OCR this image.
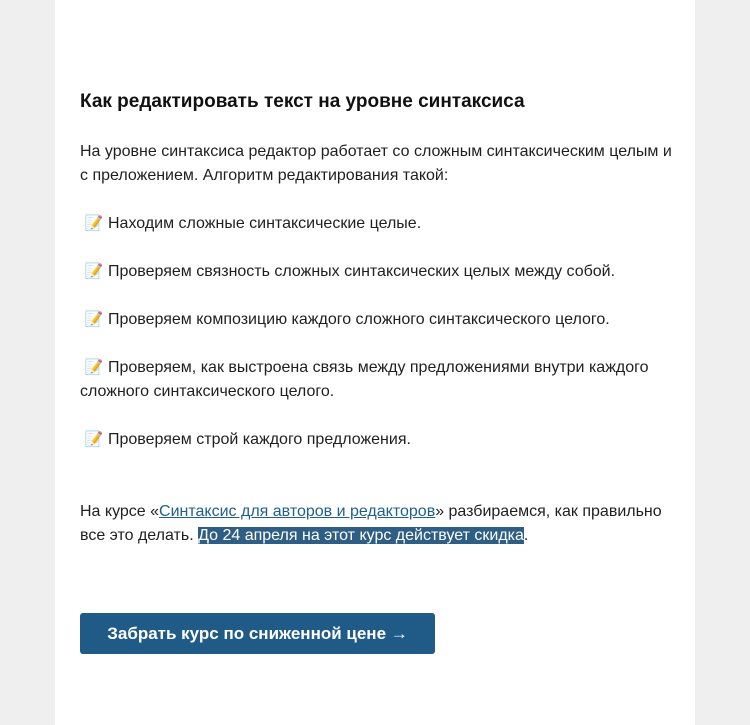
Как редактировать текст на уровне синтаксиса

На уровне синтаксиса редактор работает со сложным синтаксическим целым и с преложением. Алгоритм редактирования такой:

📝 Находим сложные синтаксические целые.
📝 Проверяем связность сложных синтаксических целых между собой.
📝 Проверяем композицию каждого сложного синтаксического целого.
📝 Проверяем, как выстроена связь между предложениями внутри каждого сложного синтаксического целого.
📝 Проверяем строй каждого предложения.

На курсе «Синтаксис для авторов и редакторов» разбираемся, как правильно все это делать. До 24 апреля на этот курс действует скидка.

Забрать курс по сниженной цене →
